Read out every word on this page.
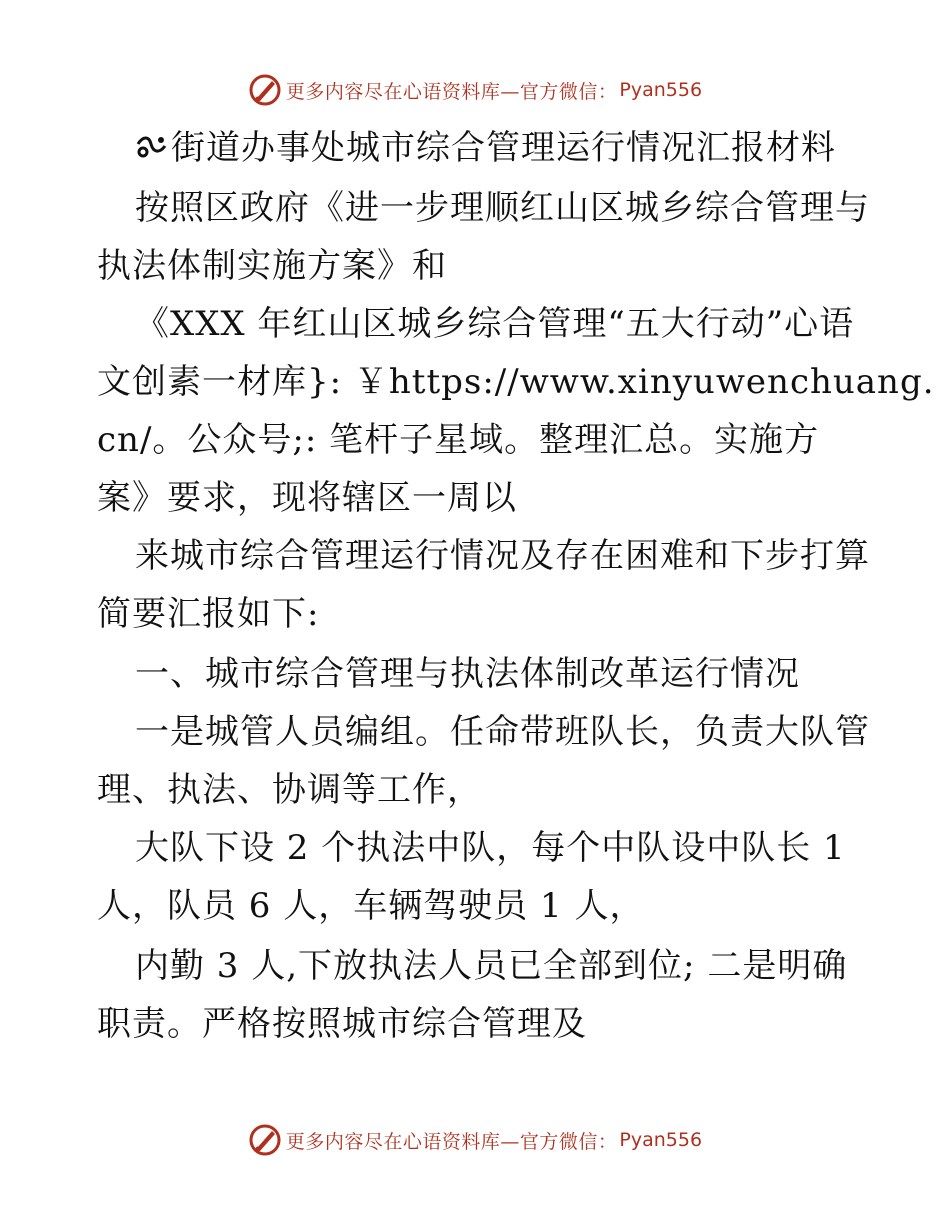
更多内容尽在心语资料库—官方微信： Pyan556
街道办事处城市综合管理运行情况汇报材料
按照区政府《进一步理顺红山区城乡综合管理与
执法体制实施方案》和
《XXX 年红山区城乡综合管理“五大行动”心语
文创素一材库}: ￥https://www.xinyuwenchuang.
cn/。公众号;: 笔杆子星域。整理汇总。实施方
案》要求，现将辖区一周以
来城市综合管理运行情况及存在困难和下步打算
简要汇报如下:
一、城市综合管理与执法体制改革运行情况
一是城管人员编组。任命带班队长，负责大队管
理、执法、协调等工作，
大队下设 2 个执法中队，每个中队设中队长 1
人，队员 6 人，车辆驾驶员 1 人，
内勤 3 人,下放执法人员已全部到位; 二是明确
职责。严格按照城市综合管理及
更多内容尽在心语资料库—官方微信： Pyan556
